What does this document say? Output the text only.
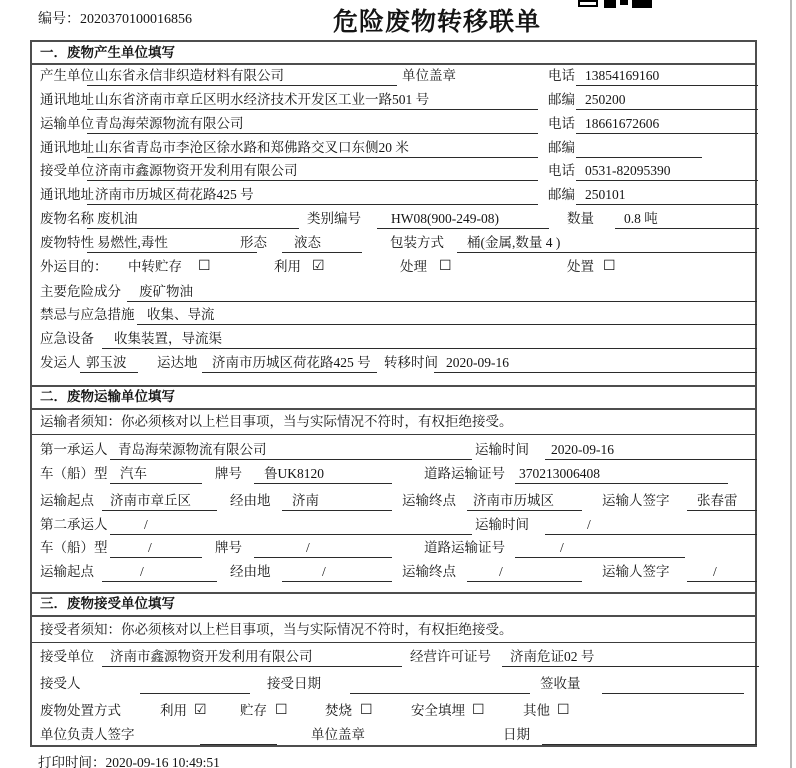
编号：2020370100016856	危险废物转移联单
一．废物产生单位填写
产生单位 山东省永信非织造材料有限公司	单位盖章	电话 13854169160
通讯地址 山东省济南市章丘区明水经济技术开发区工业一路501 号	邮编 250200
运输单位 青岛海荣源物流有限公司	电话 18661672606
通讯地址 山东省青岛市李沧区徐水路和郑佛路交叉口东侧20 米	邮编
接受单位 济南市鑫源物资开发利用有限公司	电话 0531-82095390
通讯地址 济南市历城区荷花路425 号	邮编 250101
废物名称 废机油	类别编号	HW08(900-249-08)	数量	0.8 吨
废物特性 易燃性,毒性	形态	液态	包装方式	桶(金属,数量 4 )
外运目的： 中转贮存 ☐	利用 ☑	处理 ☐	处置 ☐
主要危险成分	废矿物油
禁忌与应急措施 收集、导流
应急设备	收集装置，导流渠
发运人 郭玉波	运达地	济南市历城区荷花路425 号 转移时间 2020-09-16
二．废物运输单位填写
运输者须知：你必须核对以上栏目事项，当与实际情况不符时，有权拒绝接受。
第一承运人 青岛海荣源物流有限公司	运输时间	2020-09-16
车（船）型 汽车	牌号	鲁UK8120	道路运输证号 370213006408
运输起点	济南市章丘区	经由地	济南	运输终点	济南市历城区	运输人签字	张春雷
第二承运人	/	运输时间	/
车（船）型	/	牌号	/	道路运输证号	/
运输起点	/	经由地	/	运输终点	/	运输人签字	/
三．废物接受单位填写
接受者须知：你必须核对以上栏目事项，当与实际情况不符时，有权拒绝接受。
接受单位	济南市鑫源物资开发利用有限公司	经营许可证号	济南危证02 号
接受人	接受日期	签收量
废物处置方式	利用 ☑ 贮存 ☐	焚烧 ☐	安全填埋 ☐	其他 ☐
单位负责人签字	单位盖章	日期
打印时间：2020-09-16 10:49:51
